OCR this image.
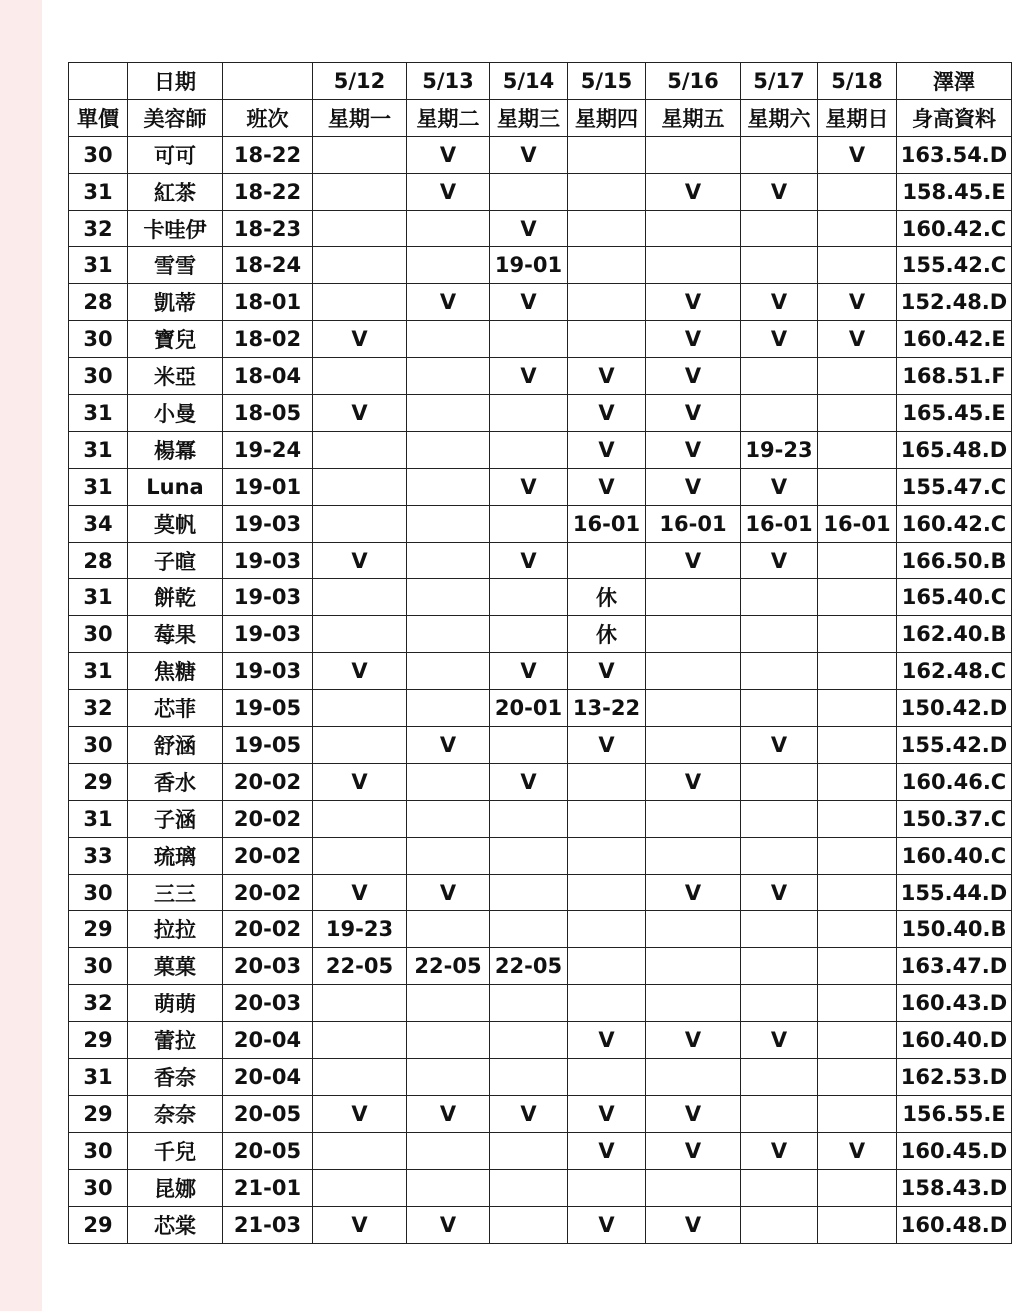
	日期		5/12	5/13	5/14	5/15	5/16	5/17	5/18	澤澤
單價	美容師	班次	星期一	星期二	星期三	星期四	星期五	星期六	星期日	身高資料
30	可可	18-22		V	V				V	163.54.D
31	紅茶	18-22		V			V	V		158.45.E
32	卡哇伊	18-23			V					160.42.C
31	雪雪	18-24			19-01					155.42.C
28	凱蒂	18-01		V	V		V	V	V	152.48.D
30	寶兒	18-02	V				V	V	V	160.42.E
30	米亞	18-04			V	V	V			168.51.F
31	小曼	18-05	V			V	V			165.45.E
31	楊冪	19-24				V	V	19-23		165.48.D
31	Luna	19-01			V	V	V	V		155.47.C
34	莫帆	19-03				16-01	16-01	16-01	16-01	160.42.C
28	子暄	19-03	V		V		V	V		166.50.B
31	餅乾	19-03				休				165.40.C
30	莓果	19-03				休				162.40.B
31	焦糖	19-03	V		V	V				162.48.C
32	芯菲	19-05			20-01	13-22				150.42.D
30	舒涵	19-05		V		V		V		155.42.D
29	香水	20-02	V		V		V			160.46.C
31	子涵	20-02								150.37.C
33	琉璃	20-02								160.40.C
30	三三	20-02	V	V			V	V		155.44.D
29	拉拉	20-02	19-23							150.40.B
30	菓菓	20-03	22-05	22-05	22-05					163.47.D
32	萌萌	20-03								160.43.D
29	蕾拉	20-04				V	V	V		160.40.D
31	香奈	20-04								162.53.D
29	奈奈	20-05	V	V	V	V	V			156.55.E
30	千兒	20-05				V	V	V	V	160.45.D
30	昆娜	21-01								158.43.D
29	芯棠	21-03	V	V		V	V			160.48.D
